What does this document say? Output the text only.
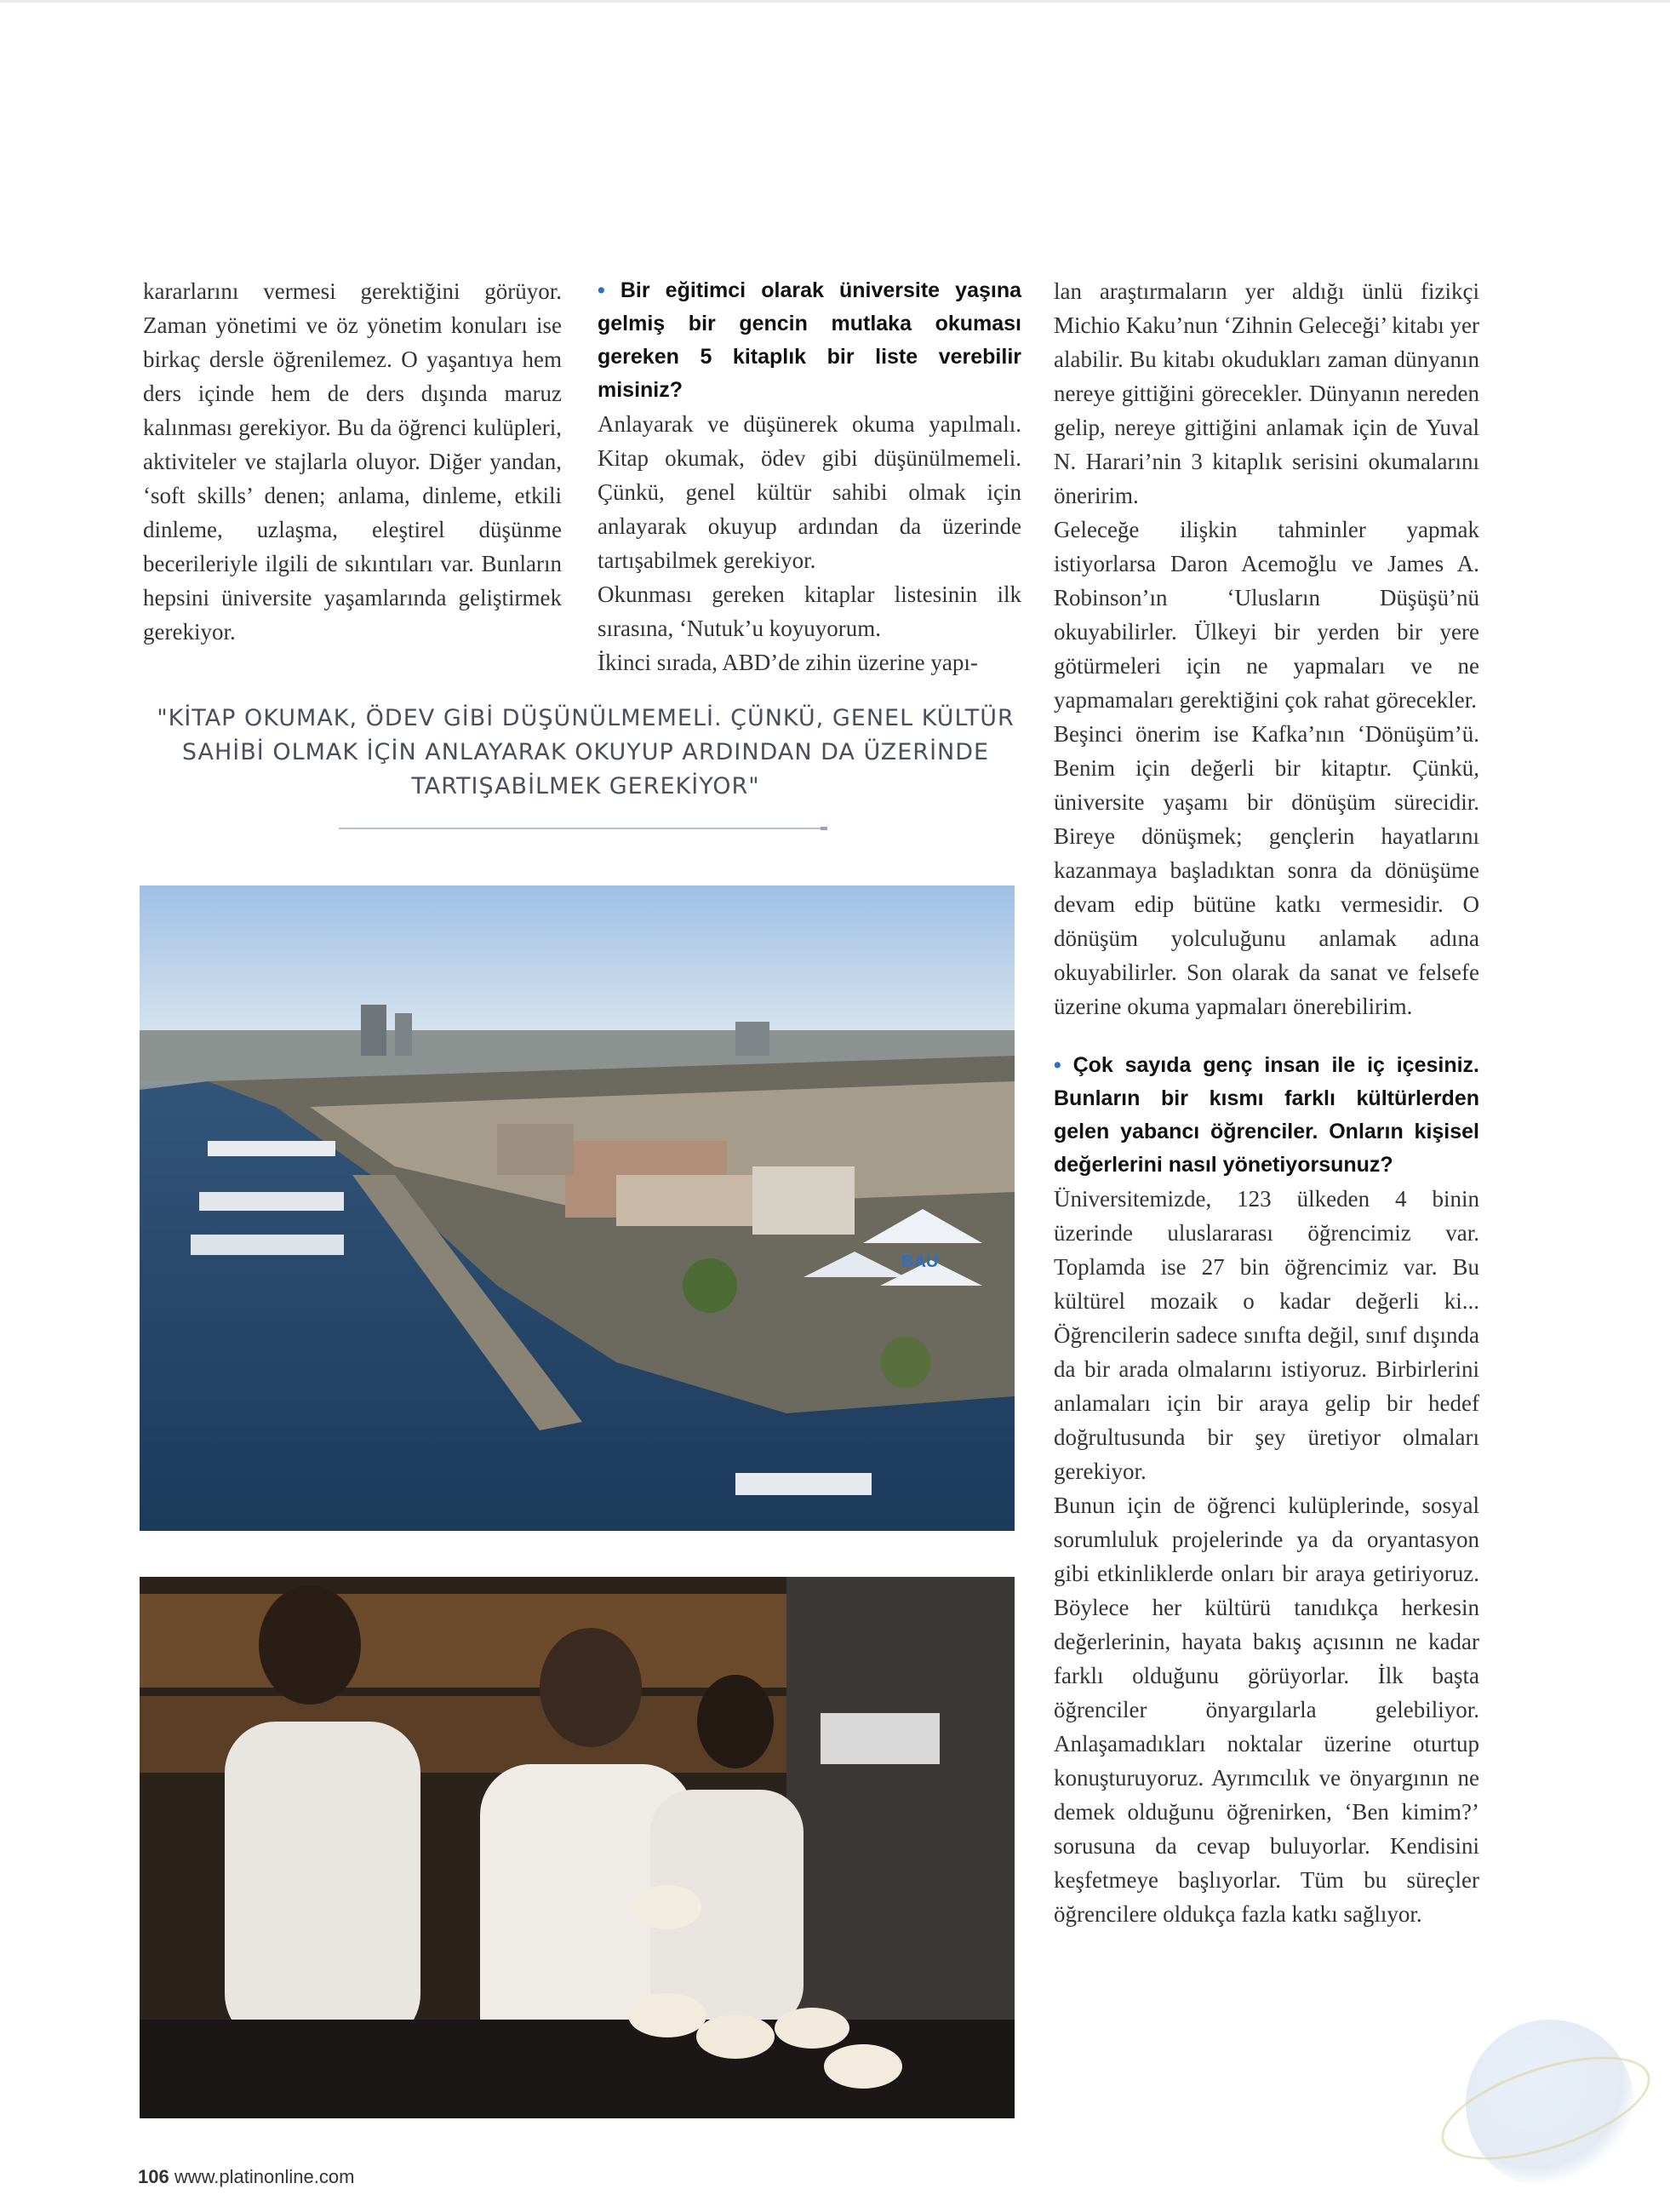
kararlarını vermesi gerektiğini görüyor. Zaman yönetimi ve öz yönetim konuları ise birkaç dersle öğrenilemez. O yaşantıya hem ders içinde hem de ders dışında maruz kalınması gerekiyor. Bu da öğrenci kulüpleri, aktiviteler ve stajlarla oluyor. Diğer yandan, ‘soft skills’ denen; anlama, dinleme, etkili dinleme, uzlaşma, eleştirel düşünme becerileriyle ilgili de sıkıntıları var. Bunların hepsini üniversite yaşamlarında geliştirmek gerekiyor.

• Bir eğitimci olarak üniversite yaşına gelmiş bir gencin mutlaka okuması gereken 5 kitaplık bir liste verebilir misiniz?

Anlayarak ve düşünerek okuma yapılmalı. Kitap okumak, ödev gibi düşünülmemeli. Çünkü, genel kültür sahibi olmak için anlayarak okuyup ardından da üzerinde tartışabilmek gerekiyor.

Okunması gereken kitaplar listesinin ilk sırasına, ‘Nutuk’u koyuyorum.

İkinci sırada, ABD’de zihin üzerine yapı-

lan araştırmaların yer aldığı ünlü fizikçi Michio Kaku’nun ‘Zihnin Geleceği’ kitabı yer alabilir. Bu kitabı okudukları zaman dünyanın nereye gittiğini görecekler. Dünyanın nereden gelip, nereye gittiğini anlamak için de Yuval N. Harari’nin 3 kitaplık serisini okumalarını öneririm.

Geleceğe ilişkin tahminler yapmak istiyorlarsa Daron Acemoğlu ve James A. Robinson’ın ‘Ulusların Düşüşü’nü okuyabilirler. Ülkeyi bir yerden bir yere götürmeleri için ne yapmaları ve ne yapmamaları gerektiğini çok rahat görecekler.

Beşinci önerim ise Kafka’nın ‘Dönüşüm’ü. Benim için değerli bir kitaptır. Çünkü, üniversite yaşamı bir dönüşüm sürecidir. Bireye dönüşmek; gençlerin hayatlarını kazanmaya başladıktan sonra da dönüşüme devam edip bütüne katkı vermesidir. O dönüşüm yolculuğunu anlamak adına okuyabilirler. Son olarak da sanat ve felsefe üzerine okuma yapmaları önerebilirim.

• Çok sayıda genç insan ile iç içesiniz. Bunların bir kısmı farklı kültürlerden gelen yabancı öğrenciler. Onların kişisel değerlerini nasıl yönetiyorsunuz?

Üniversitemizde, 123 ülkeden 4 binin üzerinde uluslararası öğrencimiz var. Toplamda ise 27 bin öğrencimiz var. Bu kültürel mozaik o kadar değerli ki... Öğrencilerin sadece sınıfta değil, sınıf dışında da bir arada olmalarını istiyoruz. Birbirlerini anlamaları için bir araya gelip bir hedef doğrultusunda bir şey üretiyor olmaları gerekiyor.

Bunun için de öğrenci kulüplerinde, sosyal sorumluluk projelerinde ya da oryantasyon gibi etkinliklerde onları bir araya getiriyoruz. Böylece her kültürü tanıdıkça herkesin değerlerinin, hayata bakış açısının ne kadar farklı olduğunu görüyorlar. İlk başta öğrenciler önyargılarla gelebiliyor. Anlaşamadıkları noktalar üzerine oturtup konuşturuyoruz. Ayrımcılık ve önyargının ne demek olduğunu öğrenirken, ‘Ben kimim?’ sorusuna da cevap buluyorlar. Kendisini keşfetmeye başlıyorlar. Tüm bu süreçler öğrencilere oldukça fazla katkı sağlıyor.

"KİTAP OKUMAK, ÖDEV GİBİ DÜŞÜNÜLMEMELİ. ÇÜNKÜ, GENEL KÜLTÜR SAHİBİ OLMAK İÇİN ANLAYARAK OKUYUP ARDINDAN DA ÜZERİNDE TARTIŞABİLMEK GEREKİYOR"
BAU
106 www.platinonline.com
